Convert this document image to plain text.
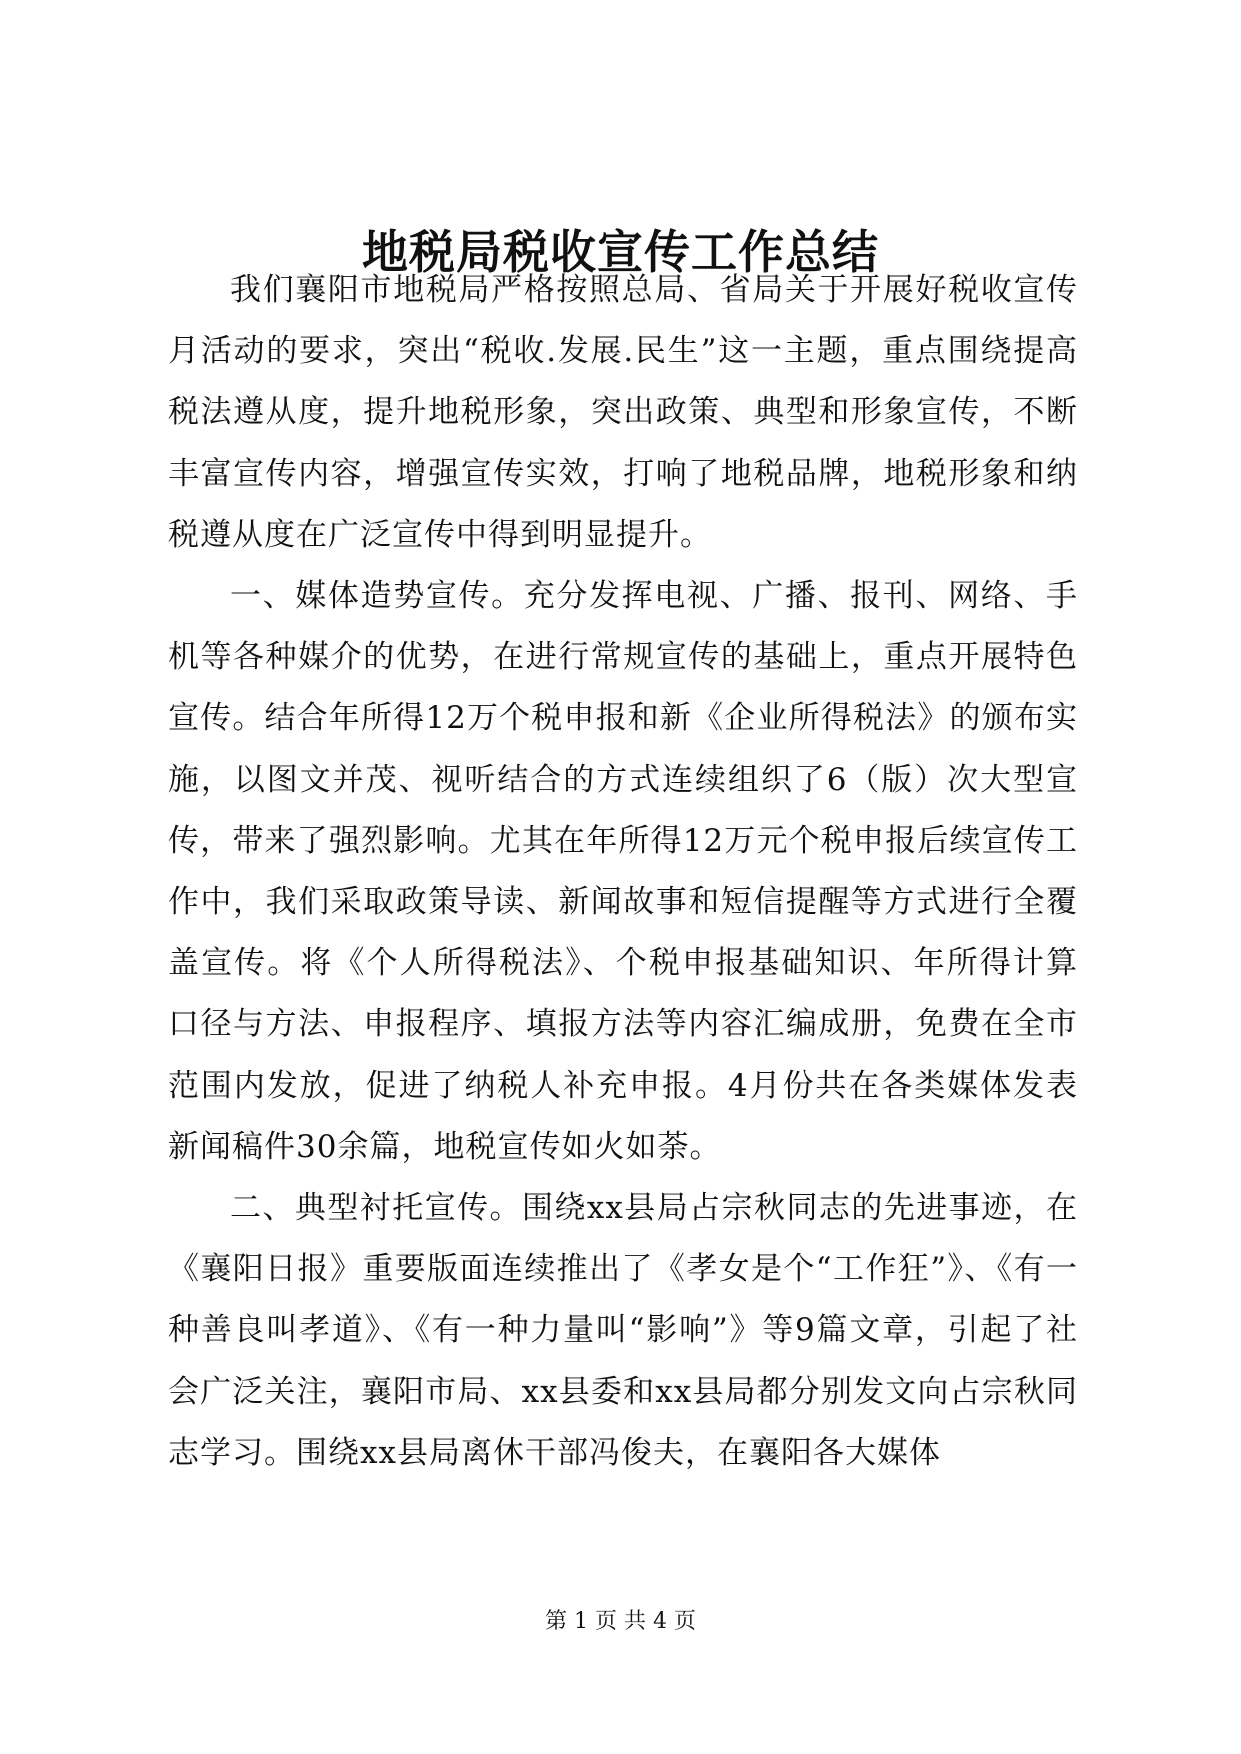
地税局税收宣传工作总结

我们襄阳市地税局严格按照总局、省局关于开展好税收宣传月活动的要求，突出“税收.发展.民生”这一主题，重点围绕提高税法遵从度，提升地税形象，突出政策、典型和形象宣传，不断丰富宣传内容，增强宣传实效，打响了地税品牌，地税形象和纳税遵从度在广泛宣传中得到明显提升。

一、媒体造势宣传。充分发挥电视、广播、报刊、网络、手机等各种媒介的优势，在进行常规宣传的基础上，重点开展特色宣传。结合年所得12万个税申报和新《企业所得税法》的颁布实施，以图文并茂、视听结合的方式连续组织了6（版）次大型宣传，带来了强烈影响。尤其在年所得12万元个税申报后续宣传工作中，我们采取政策导读、新闻故事和短信提醒等方式进行全覆盖宣传。将《个人所得税法》、个税申报基础知识、年所得计算口径与方法、申报程序、填报方法等内容汇编成册，免费在全市范围内发放，促进了纳税人补充申报。4月份共在各类媒体发表新闻稿件30余篇，地税宣传如火如荼。

二、典型衬托宣传。围绕xx县局占宗秋同志的先进事迹，在《襄阳日报》重要版面连续推出了《孝女是个“工作狂”》、《有一种善良叫孝道》、《有一种力量叫“影响”》等9篇文章，引起了社会广泛关注，襄阳市局、xx县委和xx县局都分别发文向占宗秋同志学习。围绕xx县局离休干部冯俊夫，在襄阳各大媒体

第 1 页 共 4 页
